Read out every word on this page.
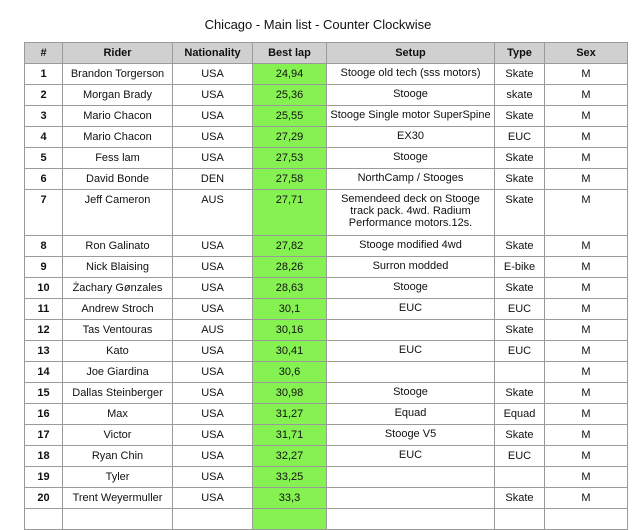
Chicago - Main list - Counter Clockwise
#	Rider	Nationality	Best lap	Setup	Type	Sex
1	Brandon Torgerson	USA	24,94	Stooge old tech (sss motors)	Skate	M
2	Morgan Brady	USA	25,36	Stooge	skate	M
3	Mario Chacon	USA	25,55	Stooge Single motor SuperSpine	Skate	M
4	Mario Chacon	USA	27,29	EX30	EUC	M
5	Fess lam	USA	27,53	Stooge	Skate	M
6	David Bonde	DEN	27,58	NorthCamp / Stooges	Skate	M
7	Jeff Cameron	AUS	27,71	Semendeed deck on Stooge track pack. 4wd. Radium Performance motors.12s.	Skate	M
8	Ron Galinato	USA	27,82	Stooge modified 4wd	Skate	M
9	Nick Blaising	USA	28,26	Surron modded	E-bike	M
10	Żachary Gønzales	USA	28,63	Stooge	Skate	M
11	Andrew Stroch	USA	30,1	EUC	EUC	M
12	Tas Ventouras	AUS	30,16		Skate	M
13	Kato	USA	30,41	EUC	EUC	M
14	Joe Giardina	USA	30,6			M
15	Dallas Steinberger	USA	30,98	Stooge	Skate	M
16	Max	USA	31,27	Equad	Equad	M
17	Victor	USA	31,71	Stooge V5	Skate	M
18	Ryan Chin	USA	32,27	EUC	EUC	M
19	Tyler	USA	33,25			M
20	Trent Weyermuller	USA	33,3		Skate	M
